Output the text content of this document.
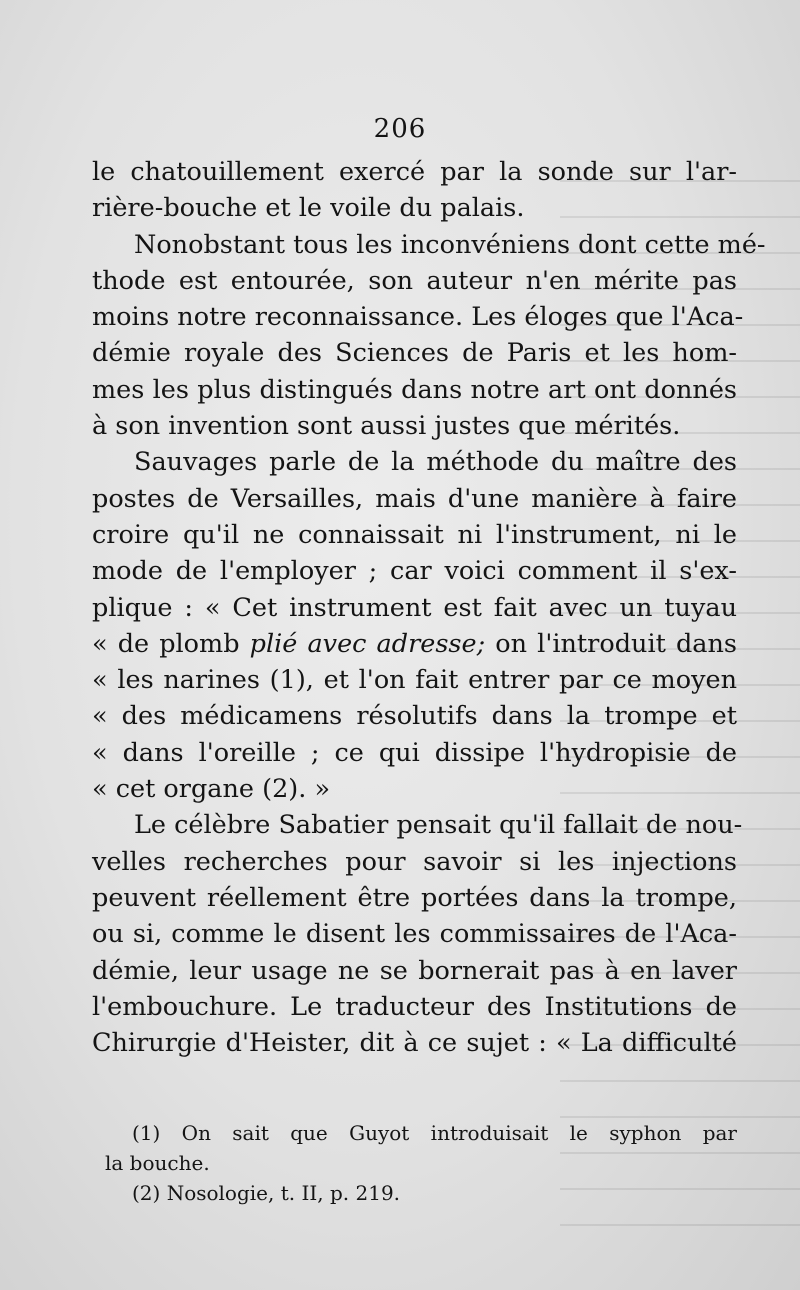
206

le chatouillement exercé par la sonde sur l'ar-
rière-bouche et le voile du palais.

Nonobstant tous les inconvéniens dont cette mé-
thode est entourée, son auteur n'en mérite pas
moins notre reconnaissance. Les éloges que l'Aca-
démie royale des Sciences de Paris et les hom-
mes les plus distingués dans notre art ont donnés
à son invention sont aussi justes que mérités.

Sauvages parle de la méthode du maître des
postes de Versailles, mais d'une manière à faire
croire qu'il ne connaissait ni l'instrument, ni le
mode de l'employer ; car voici comment il s'ex-
plique : « Cet instrument est fait avec un tuyau
« de plomb plié avec adresse; on l'introduit dans
« les narines (1), et l'on fait entrer par ce moyen
« des médicamens résolutifs dans la trompe et
« dans l'oreille ; ce qui dissipe l'hydropisie de
« cet organe (2). »

Le célèbre Sabatier pensait qu'il fallait de nou-
velles recherches pour savoir si les injections
peuvent réellement être portées dans la trompe,
ou si, comme le disent les commissaires de l'Aca-
démie, leur usage ne se bornerait pas à en laver
l'embouchure. Le traducteur des Institutions de
Chirurgie d'Heister, dit à ce sujet : « La difficulté

(1) On sait que Guyot introduisait le syphon par
la bouche.
(2) Nosologie, t. II, p. 219.
